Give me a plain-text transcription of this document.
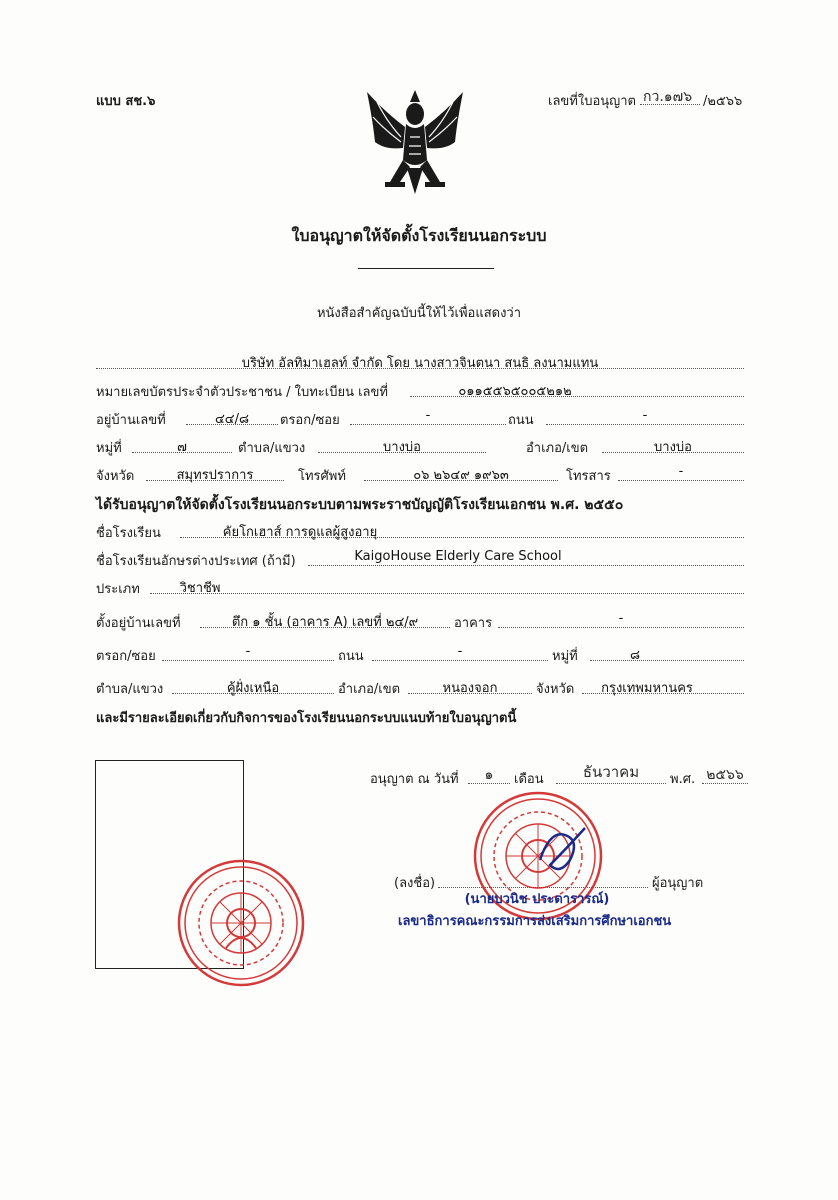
แบบ สช.๖	เลขที่ใบอนุญาต กว.๑๗๖ /๒๕๖๖
ใบอนุญาตให้จัดตั้งโรงเรียนนอกระบบ
หนังสือสำคัญฉบับนี้ให้ไว้เพื่อแสดงว่า
บริษัท อัลทิมาเฮลท์ จำกัด โดย นางสาวจินตนา สนธิ ลงนามแทน
หมายเลขบัตรประจำตัวประชาชน / ใบทะเบียน เลขที่	๐๑๑๕๕๖๕๐๐๕๒๑๒
อยู่บ้านเลขที่	๔๔/๘	ตรอก/ซอย	-	ถนน	-
หมู่ที่	๗	ตำบล/แขวง	บางบ่อ	อำเภอ/เขต	บางบ่อ
จังหวัด	สมุทรปราการ	โทรศัพท์	๐๖ ๒๖๔๙ ๑๙๖๓	โทรสาร	-
ได้รับอนุญาตให้จัดตั้งโรงเรียนนอกระบบตามพระราชบัญญัติโรงเรียนเอกชน พ.ศ. ๒๕๕๐
ชื่อโรงเรียน	คัยโกเฮาส์ การดูแลผู้สูงอายุ
ชื่อโรงเรียนอักษรต่างประเทศ (ถ้ามี)	KaigoHouse Elderly Care School
ประเภท	วิชาชีพ
ตั้งอยู่บ้านเลขที่	ตึก ๑ ชั้น (อาคาร A) เลขที่ ๒๔/๙	อาคาร	-
ตรอก/ซอย	-	ถนน	-	หมู่ที่	๘
ตำบล/แขวง	คู้ฝั่งเหนือ	อำเภอ/เขต	หนองจอก	จังหวัด	กรุงเทพมหานคร
และมีรายละเอียดเกี่ยวกับกิจการของโรงเรียนนอกระบบแนบท้ายใบอนุญาตนี้
อนุญาต ณ วันที่	๑	เดือน	ธันวาคม	พ.ศ. ๒๕๖๖
(ลงชื่อ)	ผู้อนุญาต
(นายบวนิช ประดารารณ์)
เลขาธิการคณะกรรมการส่งเสริมการศึกษาเอกชน
